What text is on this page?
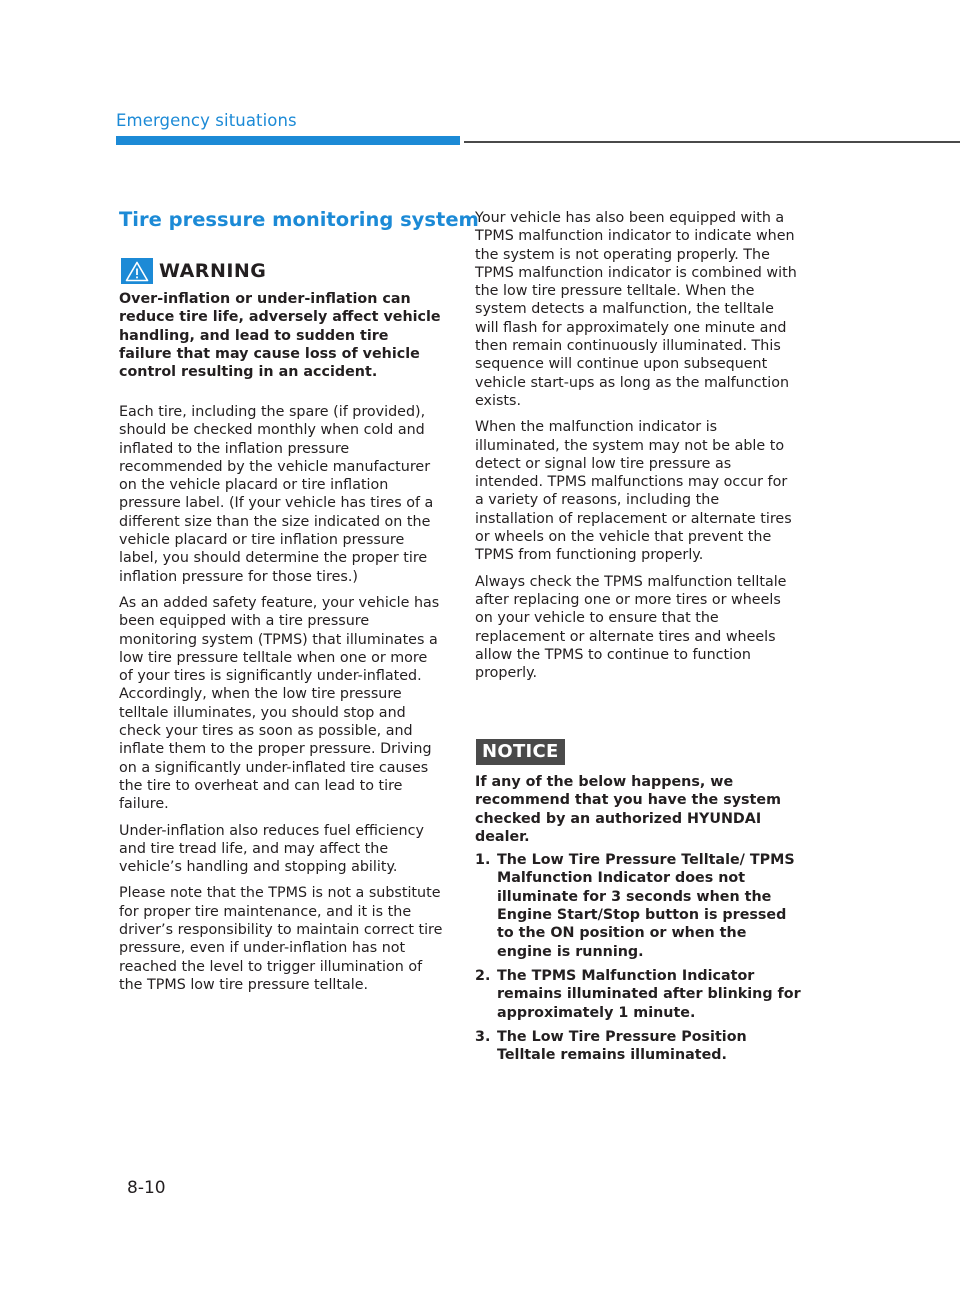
Emergency situations
Tire pressure monitoring system
WARNING
Over-inflation or under-inflation can reduce tire life, adversely affect vehicle handling, and lead to sudden tire failure that may cause loss of vehicle control resulting in an accident.

Each tire, including the spare (if provided), should be checked monthly when cold and inflated to the inflation pressure recommended by the vehicle manufacturer on the vehicle placard or tire inflation pressure label. (If your vehicle has tires of a different size than the size indicated on the vehicle placard or tire inflation pressure label, you should determine the proper tire inflation pressure for those tires.)

As an added safety feature, your vehicle has been equipped with a tire pressure monitoring system (TPMS) that illuminates a low tire pressure telltale when one or more of your tires is significantly under-inflated. Accordingly, when the low tire pressure telltale illuminates, you should stop and check your tires as soon as possible, and inflate them to the proper pressure. Driving on a significantly under-inflated tire causes the tire to overheat and can lead to tire failure.

Under-inflation also reduces fuel efficiency and tire tread life, and may affect the vehicle’s handling and stopping ability.

Please note that the TPMS is not a substitute for proper tire maintenance, and it is the driver’s responsibility to maintain correct tire pressure, even if under-inflation has not reached the level to trigger illumination of the TPMS low tire pressure telltale.

Your vehicle has also been equipped with a TPMS malfunction indicator to indicate when the system is not operating properly. The TPMS malfunction indicator is combined with the low tire pressure telltale. When the system detects a malfunction, the telltale will flash for approximately one minute and then remain continuously illuminated. This sequence will continue upon subsequent vehicle start-ups as long as the malfunction exists.

When the malfunction indicator is illuminated, the system may not be able to detect or signal low tire pressure as intended. TPMS malfunctions may occur for a variety of reasons, including the installation of replacement or alternate tires or wheels on the vehicle that prevent the TPMS from functioning properly.

Always check the TPMS malfunction telltale after replacing one or more tires or wheels on your vehicle to ensure that the replacement or alternate tires and wheels allow the TPMS to continue to function properly.

NOTICE
If any of the below happens, we recommend that you have the system checked by an authorized HYUNDAI dealer.
1. The Low Tire Pressure Telltale/ TPMS Malfunction Indicator does not illuminate for 3 seconds when the Engine Start/Stop button is pressed to the ON position or when the engine is running.
2. The TPMS Malfunction Indicator remains illuminated after blinking for approximately 1 minute.
3. The Low Tire Pressure Position Telltale remains illuminated.
8-10
